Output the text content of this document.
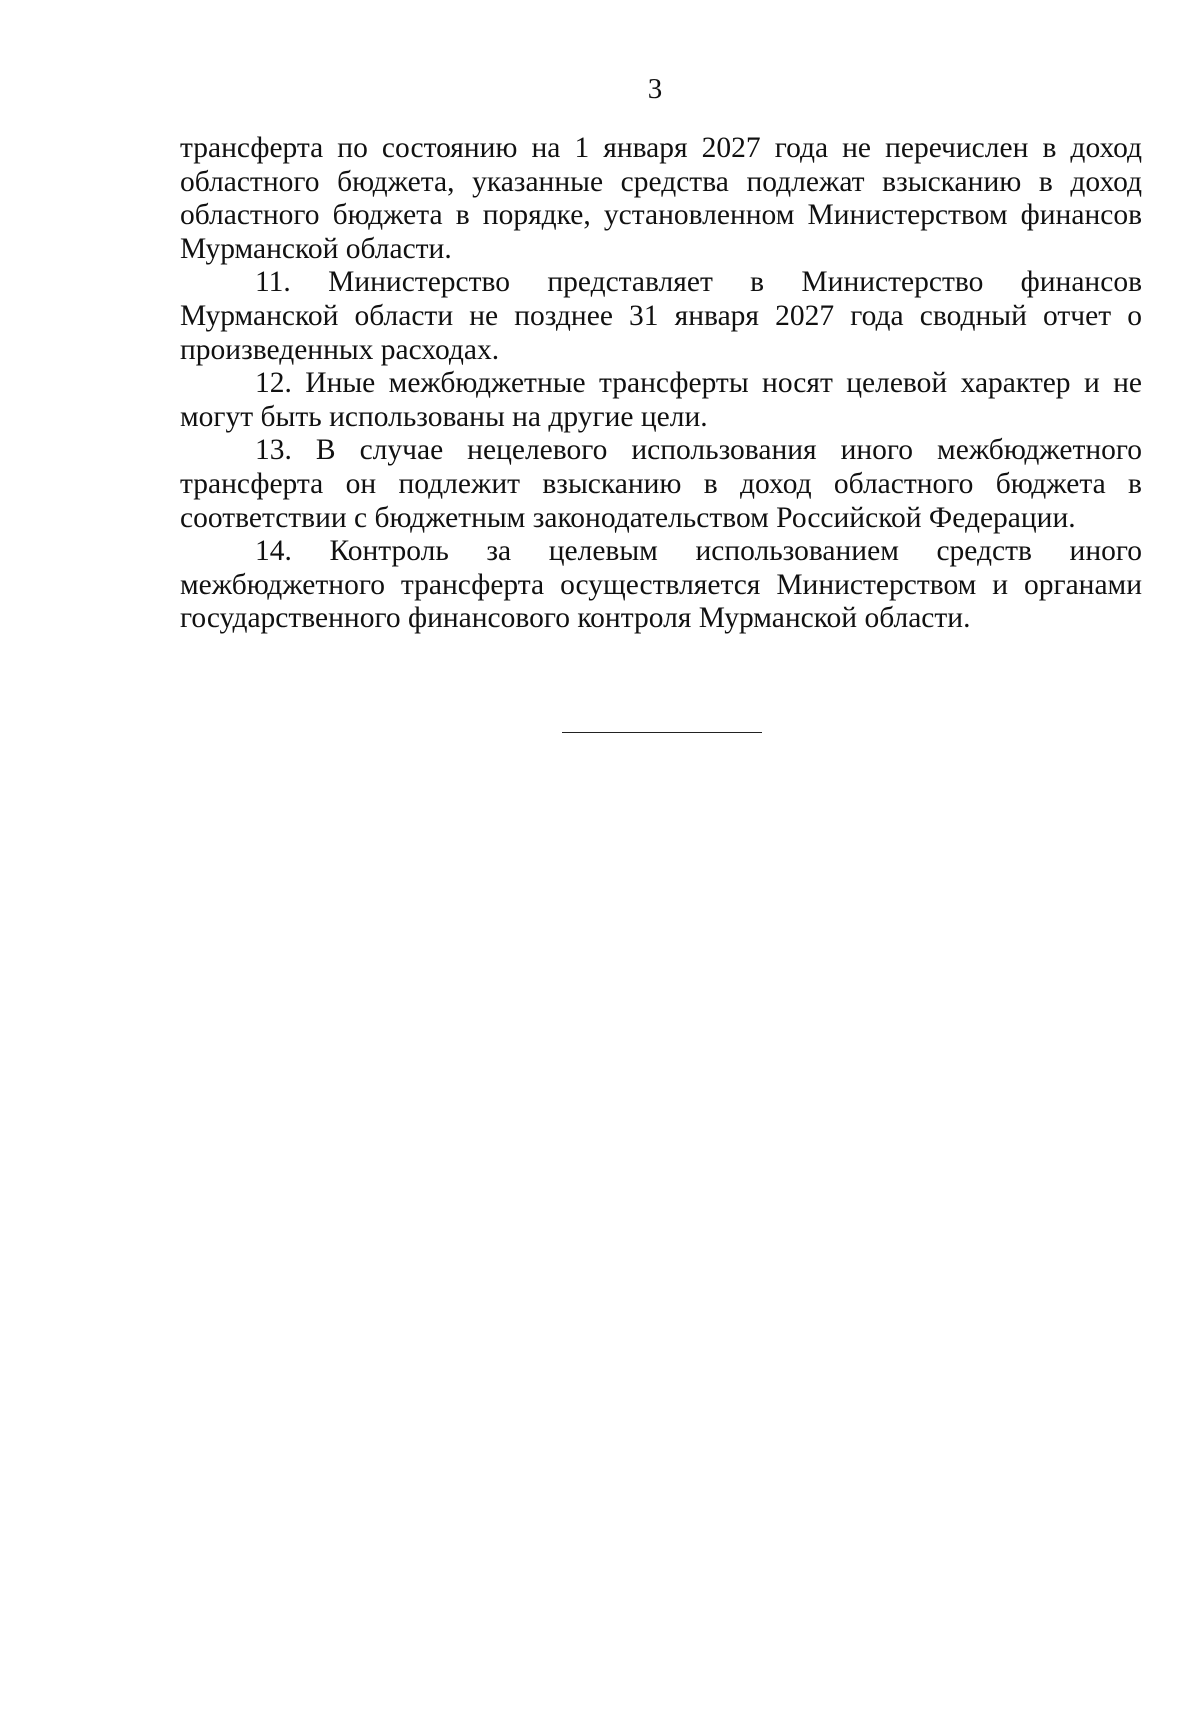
3

трансферта по состоянию на 1 января 2027 года не перечислен в доход областного бюджета, указанные средства подлежат взысканию в доход областного бюджета в порядке, установленном Министерством финансов Мурманской области.

11. Министерство представляет в Министерство финансов Мурманской области не позднее 31 января 2027 года сводный отчет о произведенных расходах.

12. Иные межбюджетные трансферты носят целевой характер и не могут быть использованы на другие цели.

13. В случае нецелевого использования иного межбюджетного трансферта он подлежит взысканию в доход областного бюджета в соответствии с бюджетным законодательством Российской Федерации.

14. Контроль за целевым использованием средств иного межбюджетного трансферта осуществляется Министерством и органами государственного финансового контроля Мурманской области.
